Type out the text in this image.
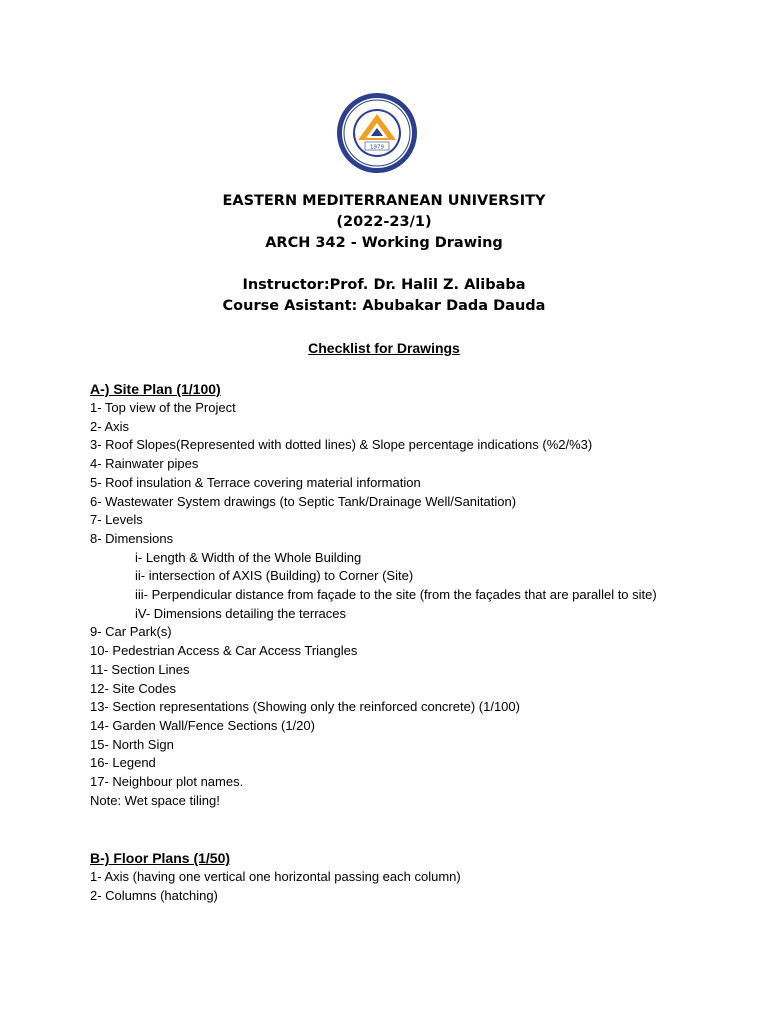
1979
EASTERN MEDITERRANEAN UNIVERSITY
(2022-23/1)
ARCH 342 - Working Drawing
Instructor:Prof. Dr. Halil Z. Alibaba
Course Asistant: Abubakar Dada Dauda
Checklist for Drawings
A-) Site Plan (1/100)
1- Top view of the Project
2- Axis
3- Roof Slopes(Represented with dotted lines) & Slope percentage indications (%2/%3)
4- Rainwater pipes
5- Roof insulation & Terrace covering material information
6- Wastewater System drawings (to Septic Tank/Drainage Well/Sanitation)
7- Levels
8- Dimensions
i- Length & Width of the Whole Building
ii- intersection of AXIS (Building) to Corner (Site)
iii- Perpendicular distance from façade to the site (from the façades that are parallel to site)
iV- Dimensions detailing the terraces
9- Car Park(s)
10- Pedestrian Access & Car Access Triangles
11- Section Lines
12- Site Codes
13- Section representations (Showing only the reinforced concrete) (1/100)
14- Garden Wall/Fence Sections (1/20)
15- North Sign
16- Legend
17- Neighbour plot names.
Note: Wet space tiling!
B-) Floor Plans (1/50)
1- Axis (having one vertical one horizontal passing each column)
2- Columns (hatching)
